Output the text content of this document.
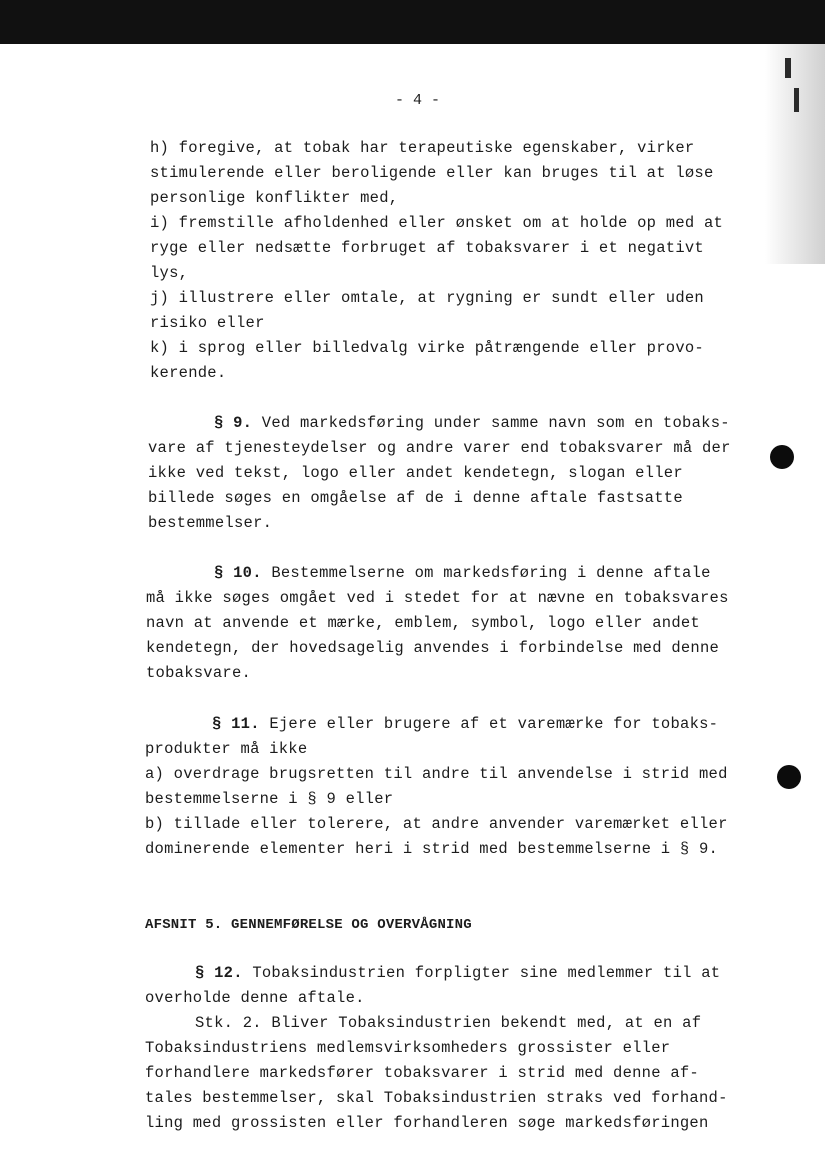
- 4 -
h) foregive, at tobak har terapeutiske egenskaber, virker
stimulerende eller beroligende eller kan bruges til at løse
personlige konflikter med,
i) fremstille afholdenhed eller ønsket om at holde op med at
ryge eller nedsætte forbruget af tobaksvarer i et negativt
lys,
j) illustrere eller omtale, at rygning er sundt eller uden
risiko eller
k) i sprog eller billedvalg virke påtrængende eller provo-
kerende.
§ 9. Ved markedsføring under samme navn som en tobaks-
vare af tjenesteydelser og andre varer end tobaksvarer må der
ikke ved tekst, logo eller andet kendetegn, slogan eller
billede søges en omgåelse af de i denne aftale fastsatte
bestemmelser.
§ 10. Bestemmelserne om markedsføring i denne aftale
må ikke søges omgået ved i stedet for at nævne en tobaksvares
navn at anvende et mærke, emblem, symbol, logo eller andet
kendetegn, der hovedsagelig anvendes i forbindelse med denne
tobaksvare.
§ 11. Ejere eller brugere af et varemærke for tobaks-
produkter må ikke
a) overdrage brugsretten til andre til anvendelse i strid med
bestemmelserne i § 9 eller
b) tillade eller tolerere, at andre anvender varemærket eller
dominerende elementer heri i strid med bestemmelserne i § 9.
AFSNIT 5. GENNEMFØRELSE OG OVERVÅGNING
§ 12. Tobaksindustrien forpligter sine medlemmer til at
overholde denne aftale.
Stk. 2. Bliver Tobaksindustrien bekendt med, at en af
Tobaksindustriens medlemsvirksomheders grossister eller
forhandlere markedsfører tobaksvarer i strid med denne af-
tales bestemmelser, skal Tobaksindustrien straks ved forhand-
ling med grossisten eller forhandleren søge markedsføringen
